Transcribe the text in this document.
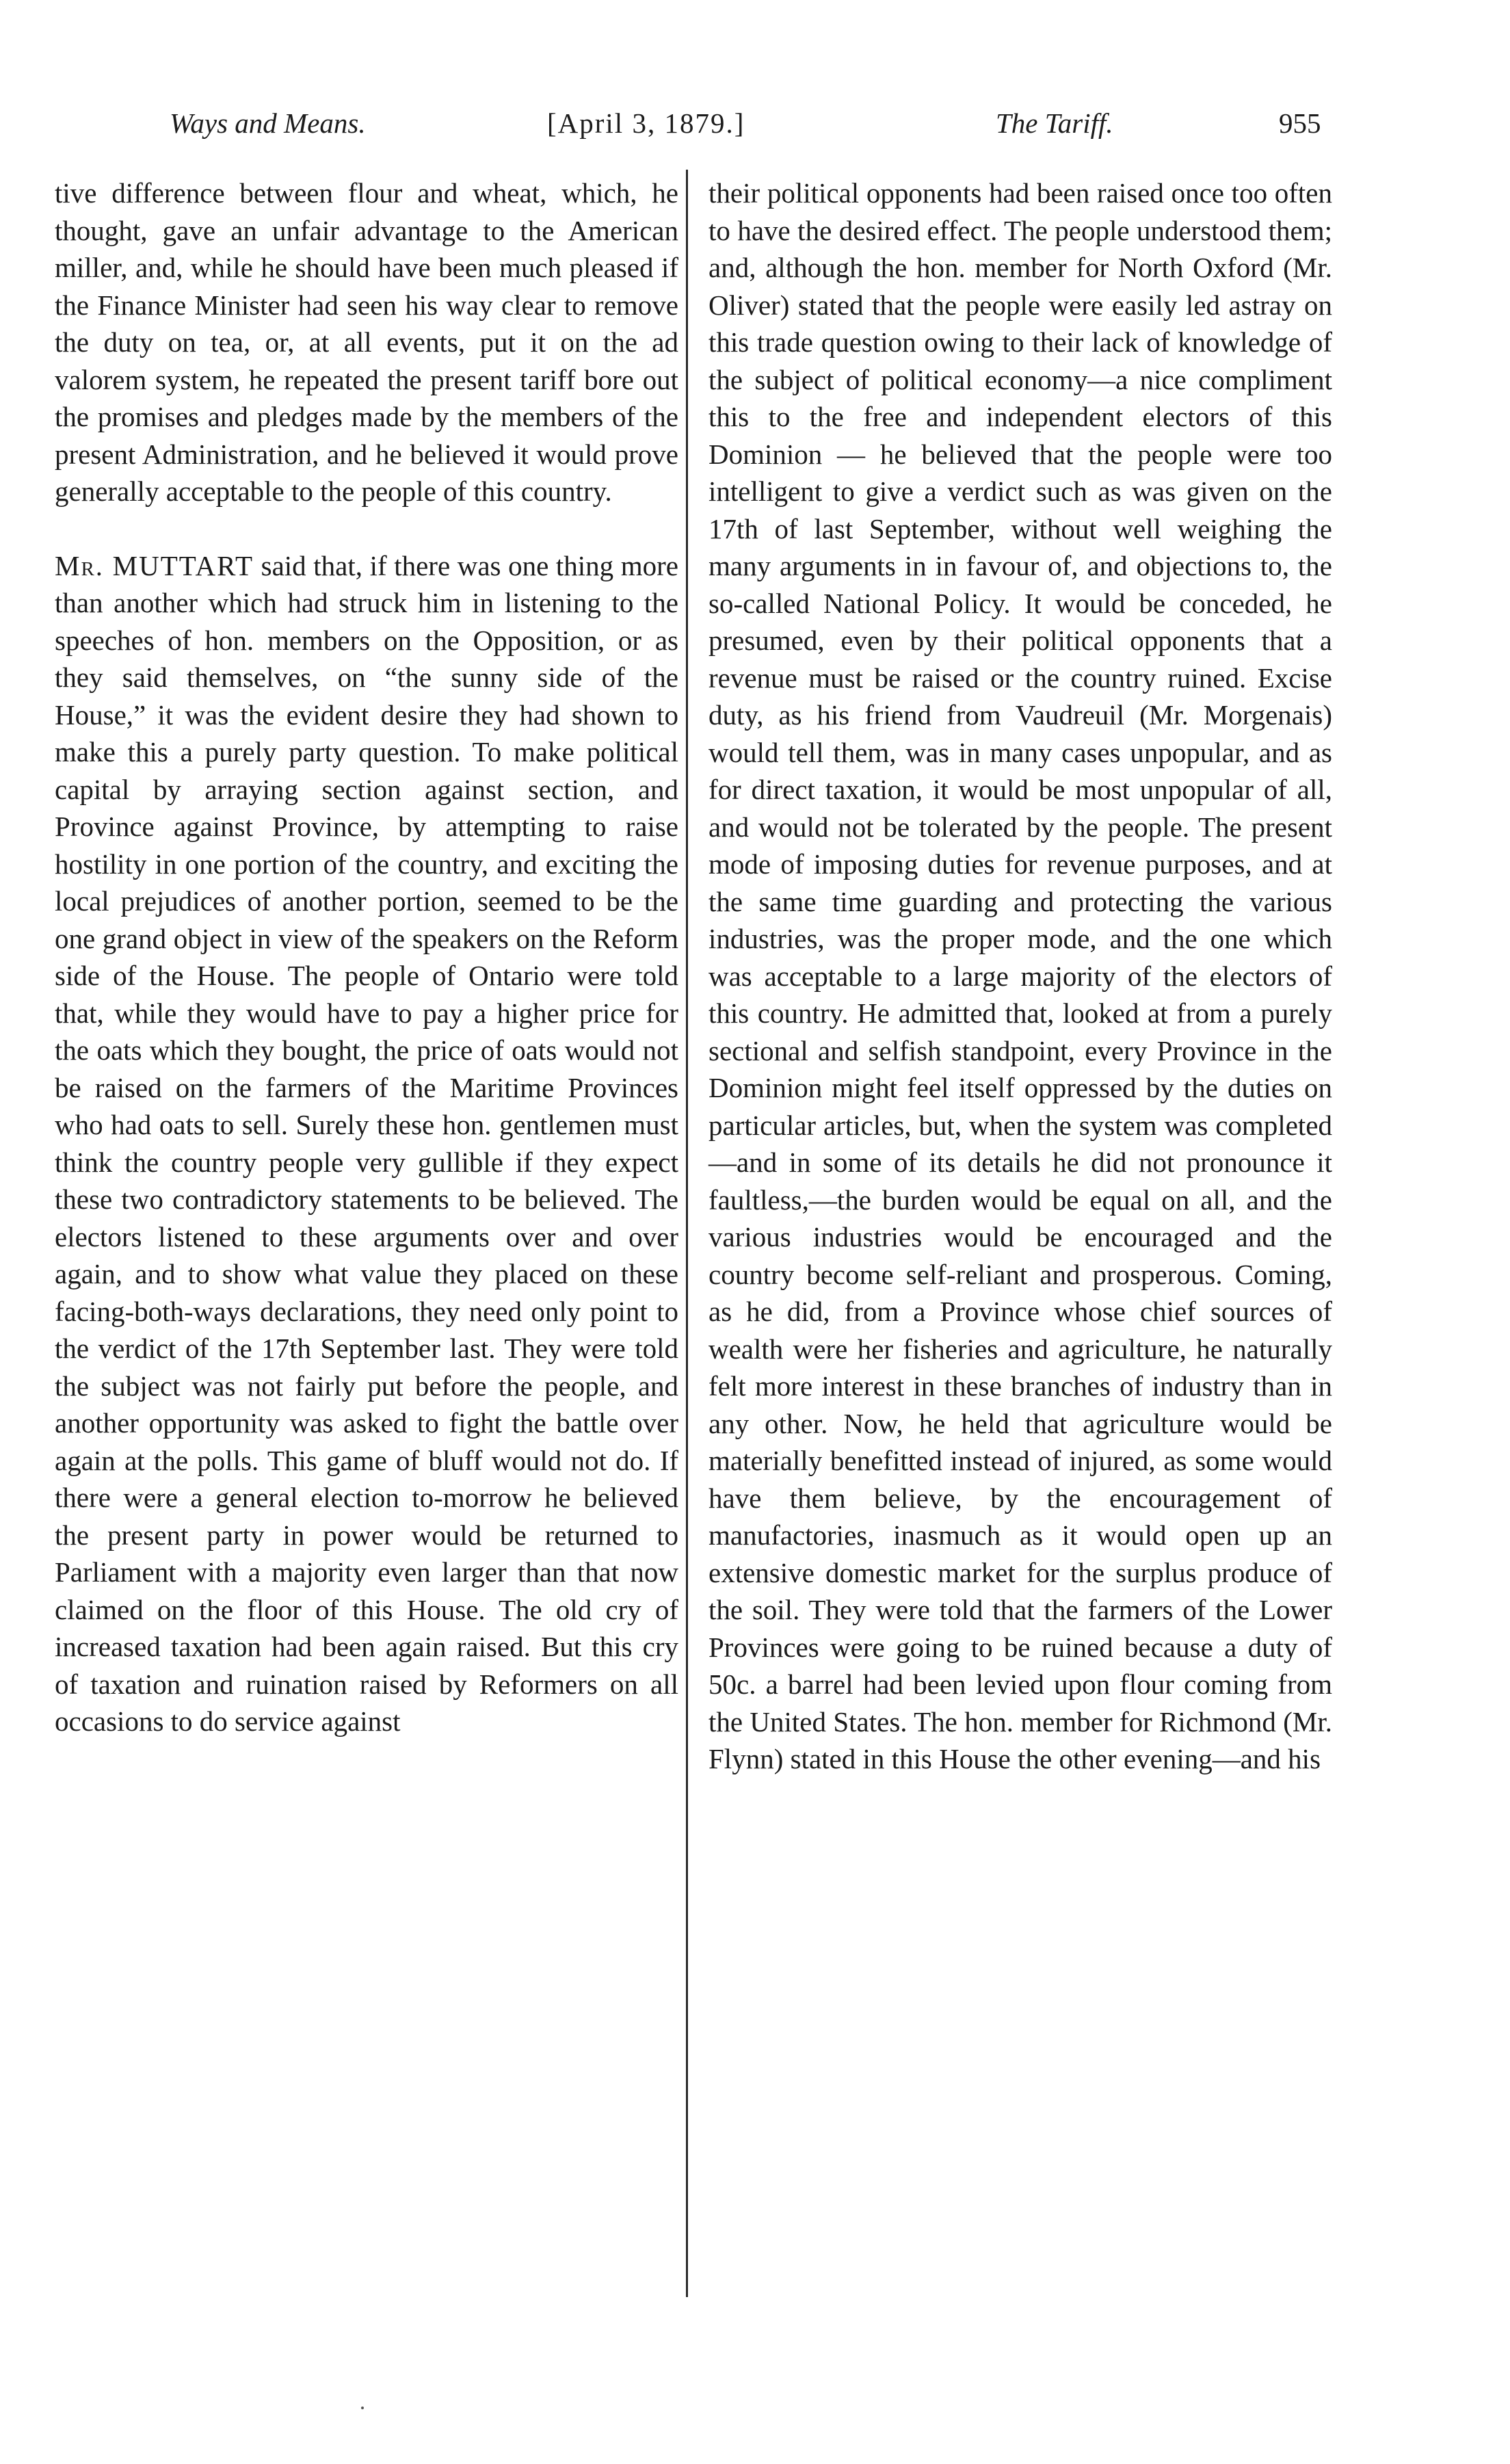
Ways and Means.	[April 3, 1879.]	The Tariff.	955

tive difference between flour and wheat, which, he thought, gave an unfair advantage to the American miller, and, while he should have been much pleased if the Finance Minister had seen his way clear to remove the duty on tea, or, at all events, put it on the ad valorem system, he repeated the present tariff bore out the promises and pledges made by the members of the present Administration, and he believed it would prove generally acceptable to the people of this country.

Mr. MUTTART said that, if there was one thing more than another which had struck him in listening to the speeches of hon. members on the Opposition, or as they said themselves, on “the sunny side of the House,” it was the evident desire they had shown to make this a purely party question. To make political capital by arraying section against section, and Province against Province, by attempting to raise hostility in one portion of the country, and exciting the local prejudices of another portion, seemed to be the one grand object in view of the speakers on the Reform side of the House. The people of Ontario were told that, while they would have to pay a higher price for the oats which they bought, the price of oats would not be raised on the farmers of the Maritime Provinces who had oats to sell. Surely these hon. gentlemen must think the country people very gullible if they expect these two contradictory statements to be believed. The electors listened to these arguments over and over again, and to show what value they placed on these facing-both-ways declarations, they need only point to the verdict of the 17th September last. They were told the subject was not fairly put before the people, and another opportunity was asked to fight the battle over again at the polls. This game of bluff would not do. If there were a general election to-morrow he believed the present party in power would be returned to Parliament with a majority even larger than that now claimed on the floor of this House. The old cry of increased taxation had been again raised. But this cry of taxation and ruination raised by Reformers on all occasions to do service against

their political opponents had been raised once too often to have the desired effect. The people understood them; and, although the hon. member for North Oxford (Mr. Oliver) stated that the people were easily led astray on this trade question owing to their lack of knowledge of the subject of political economy—a nice compliment this to the free and independent electors of this Dominion — he believed that the people were too intelligent to give a verdict such as was given on the 17th of last September, without well weighing the many arguments in in favour of, and objections to, the so-called National Policy. It would be conceded, he presumed, even by their political opponents that a revenue must be raised or the country ruined. Excise duty, as his friend from Vaudreuil (Mr. Morgenais) would tell them, was in many cases unpopular, and as for direct taxation, it would be most unpopular of all, and would not be tolerated by the people. The present mode of imposing duties for revenue purposes, and at the same time guarding and protecting the various industries, was the proper mode, and the one which was acceptable to a large majority of the electors of this country. He admitted that, looked at from a purely sectional and selfish standpoint, every Province in the Dominion might feel itself oppressed by the duties on particular articles, but, when the system was completed—and in some of its details he did not pronounce it faultless,—the burden would be equal on all, and the various industries would be encouraged and the country become self-reliant and prosperous. Coming, as he did, from a Province whose chief sources of wealth were her fisheries and agriculture, he naturally felt more interest in these branches of industry than in any other. Now, he held that agriculture would be materially benefitted instead of injured, as some would have them believe, by the encouragement of manufactories, inasmuch as it would open up an extensive domestic market for the surplus produce of the soil. They were told that the farmers of the Lower Provinces were going to be ruined because a duty of 50c. a barrel had been levied upon flour coming from the United States. The hon. member for Richmond (Mr. Flynn) stated in this House the other evening—and his
